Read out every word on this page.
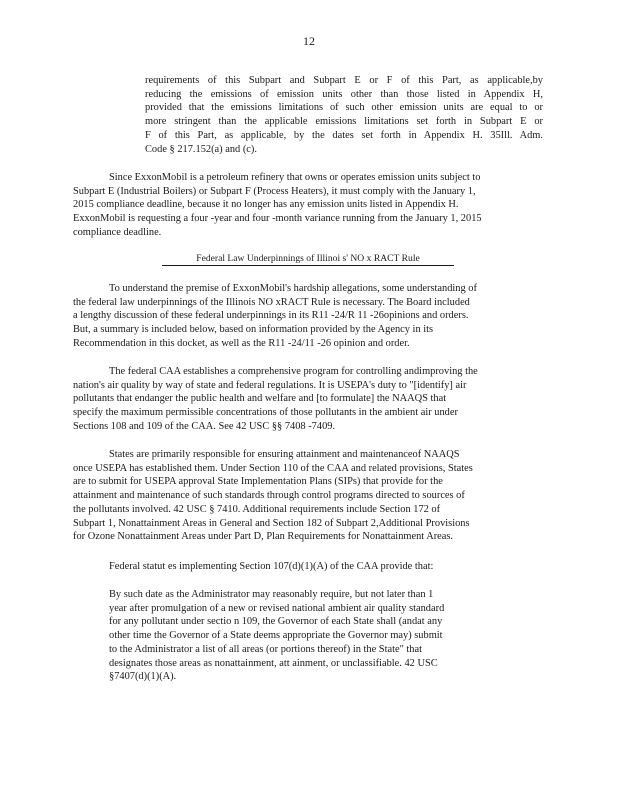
12
requirements of this Subpart and Subpart E or F of this Part, as applicable,by
reducing the emissions of emission units other than those listed in Appendix H,
provided that the emissions limitations of such other emission units are equal to or
more stringent than the applicable emissions limitations set forth in Subpart E or
F of this Part, as applicable, by the dates set forth in Appendix H. 35Ill. Adm.
Code § 217.152(a) and (c).
Since ExxonMobil is a petroleum refinery that owns or operates emission units subject to
Subpart E (Industrial Boilers) or Subpart F (Process Heaters), it must comply with the January 1,
2015 compliance deadline, because it no longer has any emission units listed in Appendix H.
ExxonMobil is requesting a four -year and four -month variance running from the January 1, 2015
compliance deadline.
Federal Law Underpinnings of Illinoi s' NO x RACT Rule
To understand the premise of ExxonMobil's hardship allegations, some understanding of
the federal law underpinnings of the Illinois NO xRACT Rule is necessary. The Board included
a lengthy discussion of these federal underpinnings in its R11 -24/R 11 -26opinions and orders.
But, a summary is included below, based on information provided by the Agency in its
Recommendation in this docket, as well as the R11 -24/11 -26 opinion and order.
The federal CAA establishes a comprehensive program for controlling andimproving the
nation's air quality by way of state and federal regulations. It is USEPA's duty to "[identify] air
pollutants that endanger the public health and welfare and [to formulate] the NAAQS that
specify the maximum permissible concentrations of those pollutants in the ambient air under
Sections 108 and 109 of the CAA. See 42 USC §§ 7408 -7409.
States are primarily responsible for ensuring attainment and maintenanceof NAAQS
once USEPA has established them. Under Section 110 of the CAA and related provisions, States
are to submit for USEPA approval State Implementation Plans (SIPs) that provide for the
attainment and maintenance of such standards through control programs directed to sources of
the pollutants involved. 42 USC § 7410. Additional requirements include Section 172 of
Subpart 1, Nonattainment Areas in General and Section 182 of Subpart 2,Additional Provisions
for Ozone Nonattainment Areas under Part D, Plan Requirements for Nonattainment Areas.
Federal statut es implementing Section 107(d)(1)(A) of the CAA provide that:
By such date as the Administrator may reasonably require, but not later than 1
year after promulgation of a new or revised national ambient air quality standard
for any pollutant under sectio n 109, the Governor of each State shall (andat any
other time the Governor of a State deems appropriate the Governor may) submit
to the Administrator a list of all areas (or portions thereof) in the State" that
designates those areas as nonattainment, att ainment, or unclassifiable. 42 USC
§7407(d)(1)(A).
